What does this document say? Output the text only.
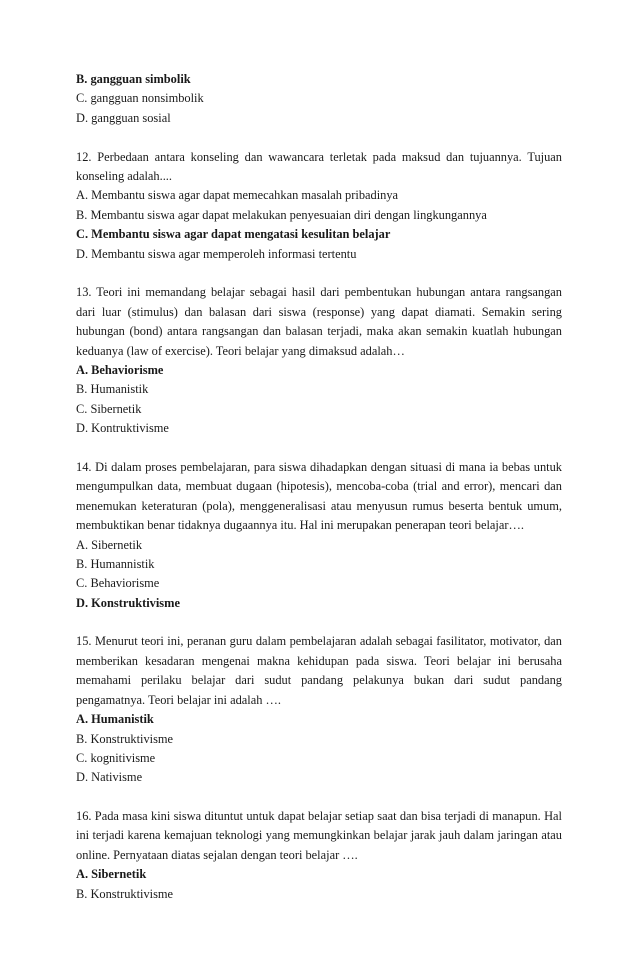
B. gangguan simbolik
C. gangguan nonsimbolik
D. gangguan sosial
12. Perbedaan antara konseling dan wawancara terletak pada maksud dan tujuannya. Tujuan konseling adalah....
A. Membantu siswa agar dapat memecahkan masalah pribadinya
B. Membantu siswa agar dapat melakukan penyesuaian diri dengan lingkungannya
C. Membantu siswa agar dapat mengatasi kesulitan belajar
D. Membantu siswa agar memperoleh informasi tertentu
13. Teori ini memandang belajar sebagai hasil dari pembentukan hubungan antara rangsangan dari luar (stimulus) dan balasan dari siswa (response) yang dapat diamati. Semakin sering hubungan (bond) antara rangsangan dan balasan terjadi, maka akan semakin kuatlah hubungan keduanya (law of exercise). Teori belajar yang dimaksud adalah…
A. Behaviorisme
B. Humanistik
C. Sibernetik
D. Kontruktivisme
14. Di dalam proses pembelajaran, para siswa dihadapkan dengan situasi di mana ia bebas untuk mengumpulkan data, membuat dugaan (hipotesis), mencoba-coba (trial and error), mencari dan menemukan keteraturan (pola), menggeneralisasi atau menyusun rumus beserta bentuk umum, membuktikan benar tidaknya dugaannya itu. Hal ini merupakan penerapan teori belajar….
A. Sibernetik
B. Humannistik
C. Behaviorisme
D. Konstruktivisme
15. Menurut teori ini, peranan guru dalam pembelajaran adalah sebagai fasilitator, motivator, dan memberikan kesadaran mengenai makna kehidupan pada siswa. Teori belajar ini berusaha memahami perilaku belajar dari sudut pandang pelakunya bukan dari sudut pandang pengamatnya. Teori belajar ini adalah ….
A. Humanistik
B. Konstruktivisme
C. kognitivisme
D. Nativisme
16. Pada masa kini siswa dituntut untuk dapat belajar setiap saat dan bisa terjadi di manapun. Hal ini terjadi karena kemajuan teknologi yang memungkinkan belajar jarak jauh dalam jaringan atau online. Pernyataan diatas sejalan dengan teori belajar ….
A. Sibernetik
B. Konstruktivisme
